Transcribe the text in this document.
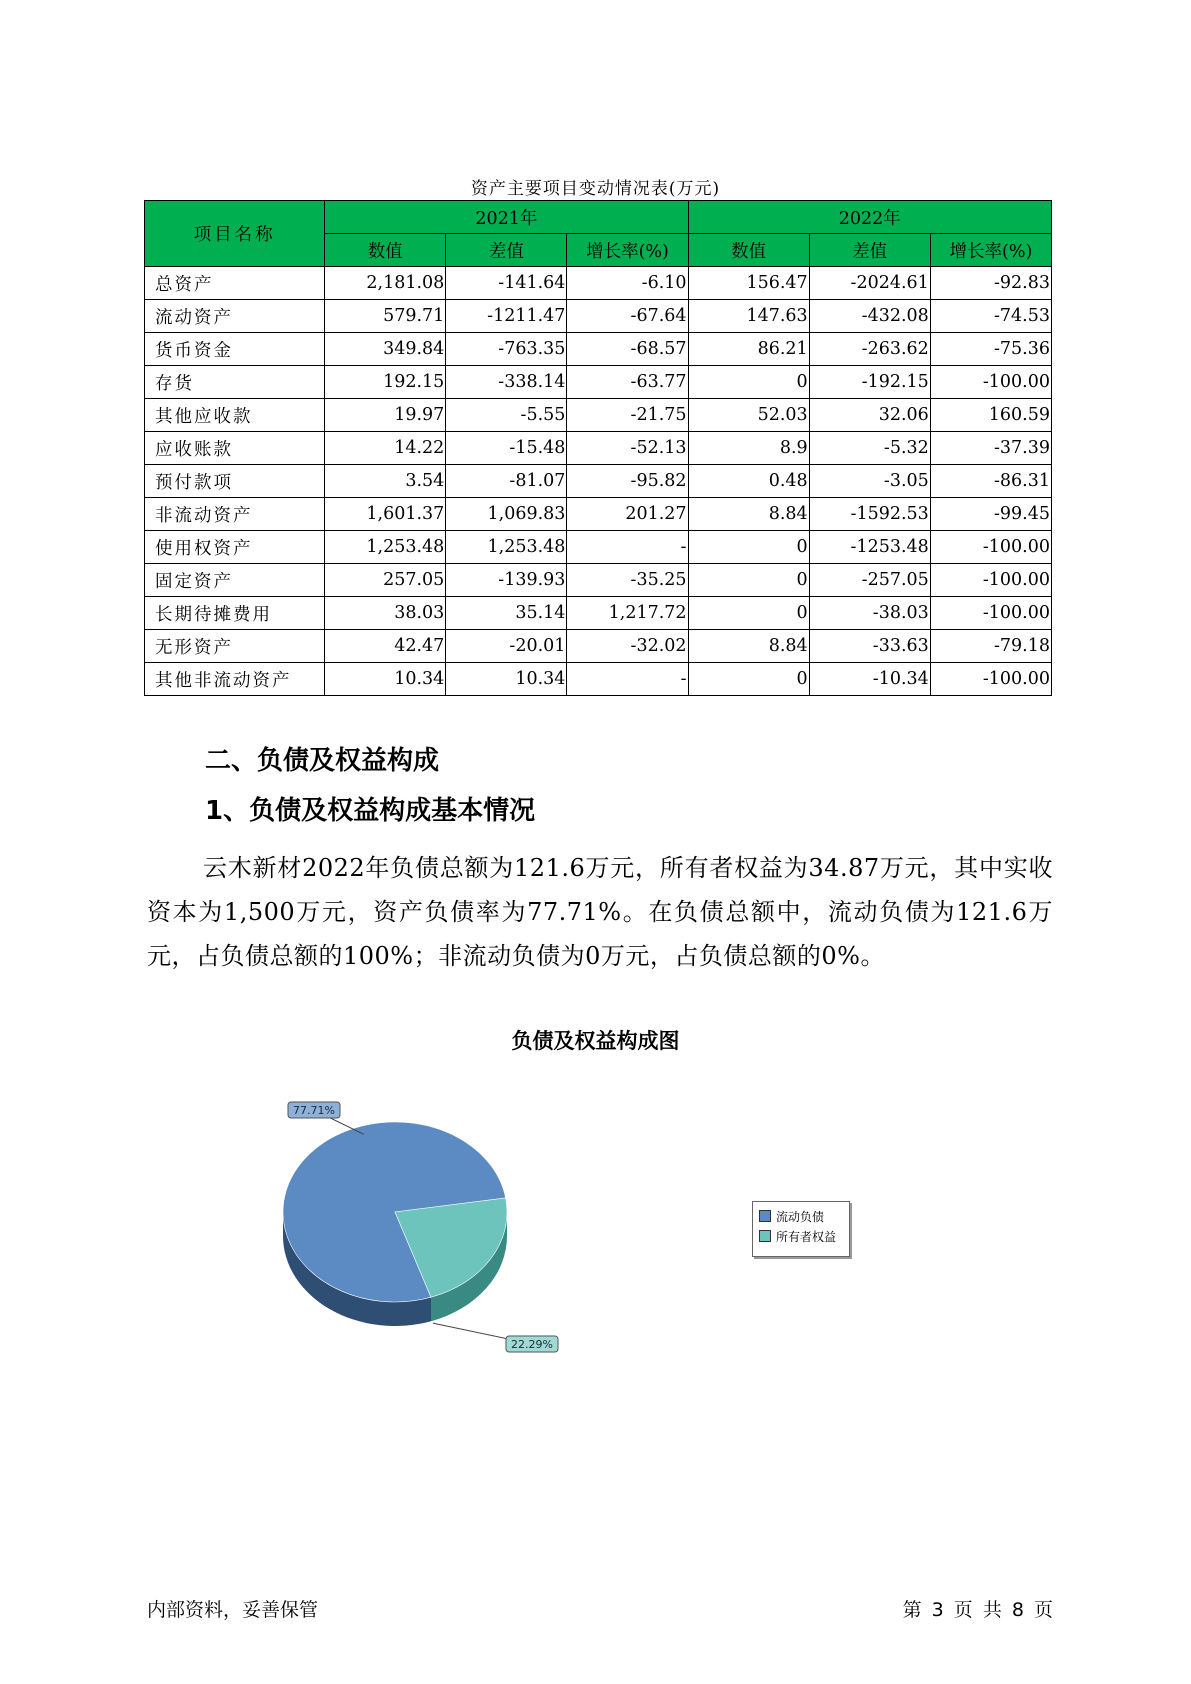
资产主要项目变动情况表(万元)
项目名称	2021年			2022年		
	数值	差值	增长率(%)	数值	差值	增长率(%)
总资产	2,181.08	-141.64	-6.10	156.47	-2024.61	-92.83
流动资产	579.71	-1211.47	-67.64	147.63	-432.08	-74.53
货币资金	349.84	-763.35	-68.57	86.21	-263.62	-75.36
存货	192.15	-338.14	-63.77	0	-192.15	-100.00
其他应收款	19.97	-5.55	-21.75	52.03	32.06	160.59
应收账款	14.22	-15.48	-52.13	8.9	-5.32	-37.39
预付款项	3.54	-81.07	-95.82	0.48	-3.05	-86.31
非流动资产	1,601.37	1,069.83	201.27	8.84	-1592.53	-99.45
使用权资产	1,253.48	1,253.48	-	0	-1253.48	-100.00
固定资产	257.05	-139.93	-35.25	0	-257.05	-100.00
长期待摊费用	38.03	35.14	1,217.72	0	-38.03	-100.00
无形资产	42.47	-20.01	-32.02	8.84	-33.63	-79.18
其他非流动资产	10.34	10.34	-	0	-10.34	-100.00
二、负债及权益构成
1、负债及权益构成基本情况

云木新材2022年负债总额为121.6万元，所有者权益为34.87万元，其中实收资本为1,500万元，资产负债率为77.71%。在负债总额中，流动负债为121.6万元，占负债总额的100%；非流动负债为0万元，占负债总额的0%。

负债及权益构成图
77.71%
22.29%
流动负债
所有者权益
内部资料，妥善保管	第 3 页 共 8 页
